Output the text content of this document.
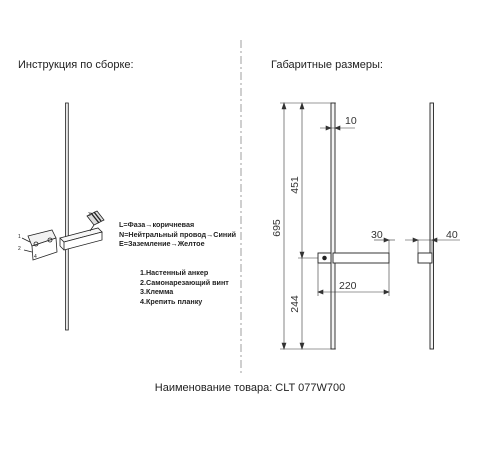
Инструкция по сборке:	Габаритные размеры:
L=Фаза→коричневая
N=Нейтральный провод→Синий
E=Заземление→Желтое
1.Настенный анкер
2.Самонарезающий винт
3.Клемма
4.Крепить планку
Наименование товара: CLT 077W700
1
2
3
4
10
451
695
244
30
220
40
